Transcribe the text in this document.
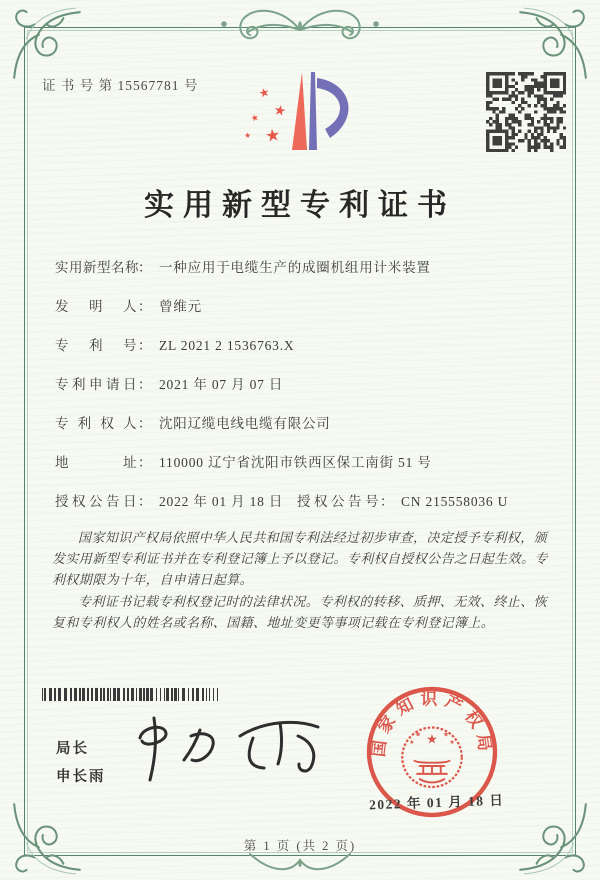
证 书 号 第 15567781 号	★
★
★
★ ★
实用新型专利证书
实用新型名称： 一种应用于电缆生产的成圈机组用计米装置
发明人： 曾维元
专利号： ZL 2021 2 1536763.X
专利申请日： 2021 年 07 月 07 日
专利权人： 沈阳辽缆电线电缆有限公司
地址： 110000 辽宁省沈阳市铁西区保工南街 51 号
授权公告日： 2022 年 01 月 18 日 授权公告号： CN 215558036 U

国家知识产权局依照中华人民共和国专利法经过初步审查，决定授予专利权，颁发实用新型专利证书并在专利登记簿上予以登记。专利权自授权公告之日起生效。专利权期限为十年，自申请日起算。

专利证书记载专利权登记时的法律状况。专利权的转移、质押、无效、终止、恢复和专利权人的姓名或名称、国籍、地址变更等事项记载在专利登记簿上。

局长
申长雨
国家知识产权局
★
★	★
★	★
2022 年 01 月 18 日
第 1 页 (共 2 页)
